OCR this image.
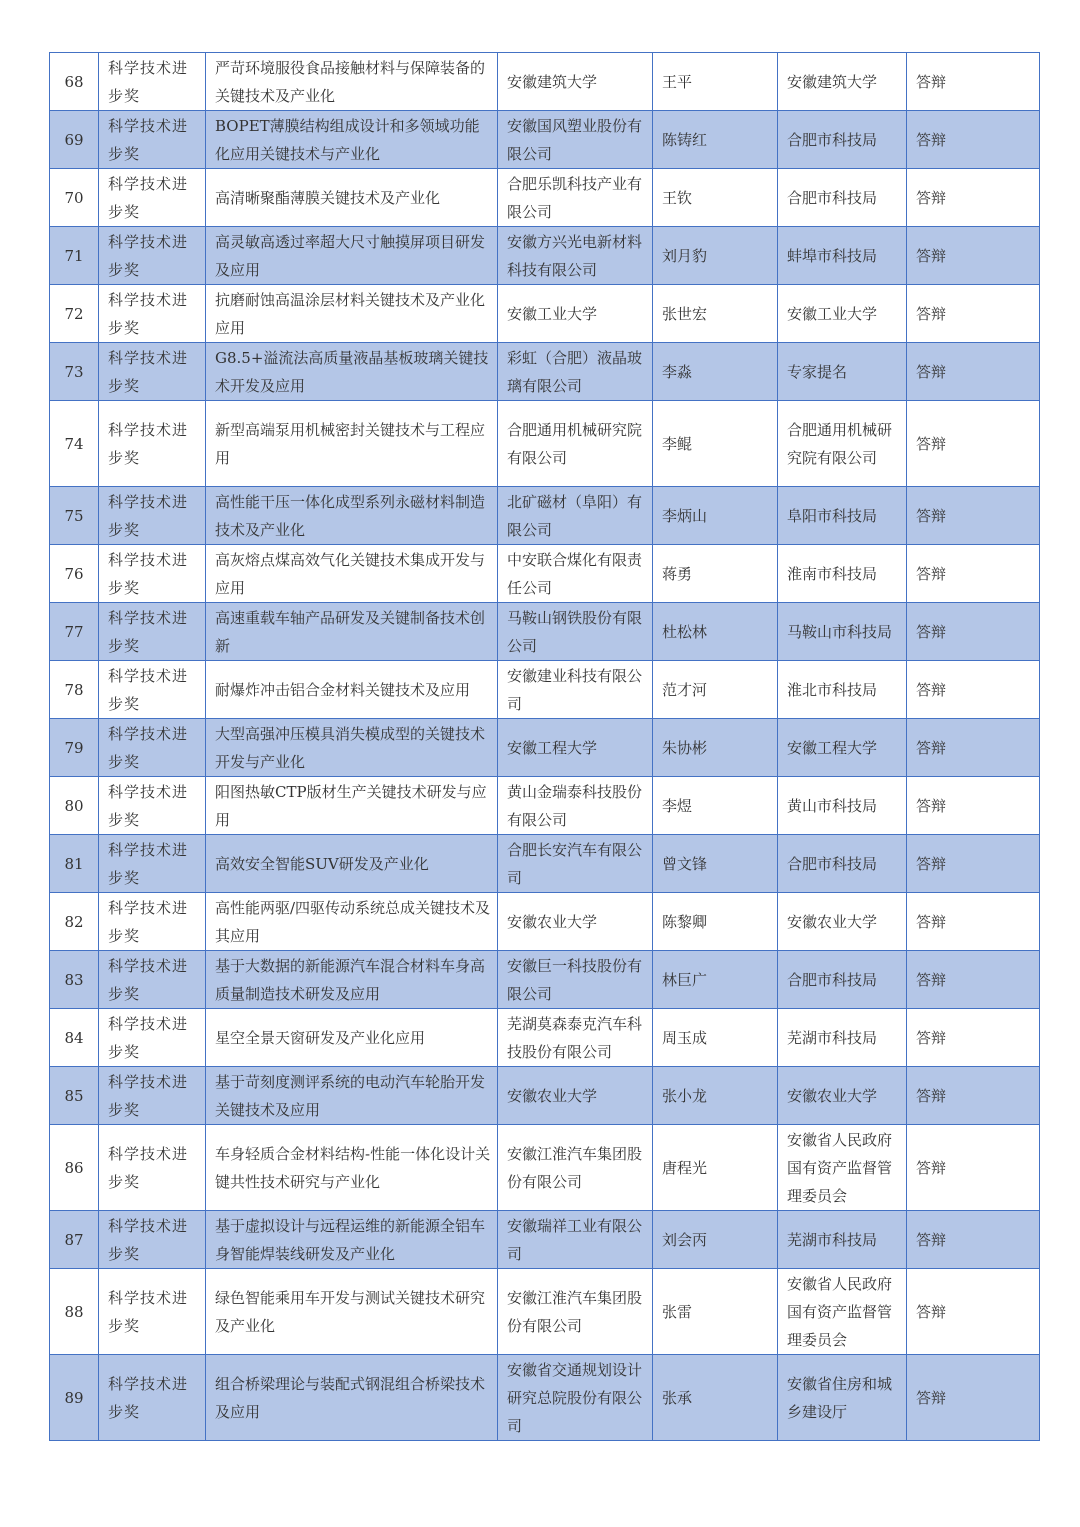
68	科学技术进步奖	严苛环境服役食品接触材料与保障装备的关键技术及产业化	安徽建筑大学	王平	安徽建筑大学	答辩
69	科学技术进步奖	BOPET薄膜结构组成设计和多领域功能化应用关键技术与产业化	安徽国风塑业股份有限公司	陈铸红	合肥市科技局	答辩
70	科学技术进步奖	高清晰聚酯薄膜关键技术及产业化	合肥乐凯科技产业有限公司	王钦	合肥市科技局	答辩
71	科学技术进步奖	高灵敏高透过率超大尺寸触摸屏项目研发及应用	安徽方兴光电新材料科技有限公司	刘月豹	蚌埠市科技局	答辩
72	科学技术进步奖	抗磨耐蚀高温涂层材料关键技术及产业化应用	安徽工业大学	张世宏	安徽工业大学	答辩
73	科学技术进步奖	G8.5+溢流法高质量液晶基板玻璃关键技术开发及应用	彩虹（合肥）液晶玻璃有限公司	李淼	专家提名	答辩
74	科学技术进步奖	新型高端泵用机械密封关键技术与工程应用	合肥通用机械研究院有限公司	李鲲	合肥通用机械研究院有限公司	答辩
75	科学技术进步奖	高性能干压一体化成型系列永磁材料制造技术及产业化	北矿磁材（阜阳）有限公司	李炳山	阜阳市科技局	答辩
76	科学技术进步奖	高灰熔点煤高效气化关键技术集成开发与应用	中安联合煤化有限责任公司	蒋勇	淮南市科技局	答辩
77	科学技术进步奖	高速重载车轴产品研发及关键制备技术创新	马鞍山钢铁股份有限公司	杜松林	马鞍山市科技局	答辩
78	科学技术进步奖	耐爆炸冲击铝合金材料关键技术及应用	安徽建业科技有限公司	范才河	淮北市科技局	答辩
79	科学技术进步奖	大型高强冲压模具消失模成型的关键技术开发与产业化	安徽工程大学	朱协彬	安徽工程大学	答辩
80	科学技术进步奖	阳图热敏CTP版材生产关键技术研发与应用	黄山金瑞泰科技股份有限公司	李煜	黄山市科技局	答辩
81	科学技术进步奖	高效安全智能SUV研发及产业化	合肥长安汽车有限公司	曾文锋	合肥市科技局	答辩
82	科学技术进步奖	高性能两驱/四驱传动系统总成关键技术及其应用	安徽农业大学	陈黎卿	安徽农业大学	答辩
83	科学技术进步奖	基于大数据的新能源汽车混合材料车身高质量制造技术研发及应用	安徽巨一科技股份有限公司	林巨广	合肥市科技局	答辩
84	科学技术进步奖	星空全景天窗研发及产业化应用	芜湖莫森泰克汽车科技股份有限公司	周玉成	芜湖市科技局	答辩
85	科学技术进步奖	基于苛刻度测评系统的电动汽车轮胎开发关键技术及应用	安徽农业大学	张小龙	安徽农业大学	答辩
86	科学技术进步奖	车身轻质合金材料结构-性能一体化设计关键共性技术研究与产业化	安徽江淮汽车集团股份有限公司	唐程光	安徽省人民政府国有资产监督管理委员会	答辩
87	科学技术进步奖	基于虚拟设计与远程运维的新能源全铝车身智能焊装线研发及产业化	安徽瑞祥工业有限公司	刘会丙	芜湖市科技局	答辩
88	科学技术进步奖	绿色智能乘用车开发与测试关键技术研究及产业化	安徽江淮汽车集团股份有限公司	张雷	安徽省人民政府国有资产监督管理委员会	答辩
89	科学技术进步奖	组合桥梁理论与装配式钢混组合桥梁技术及应用	安徽省交通规划设计研究总院股份有限公司	张承	安徽省住房和城乡建设厅	答辩
